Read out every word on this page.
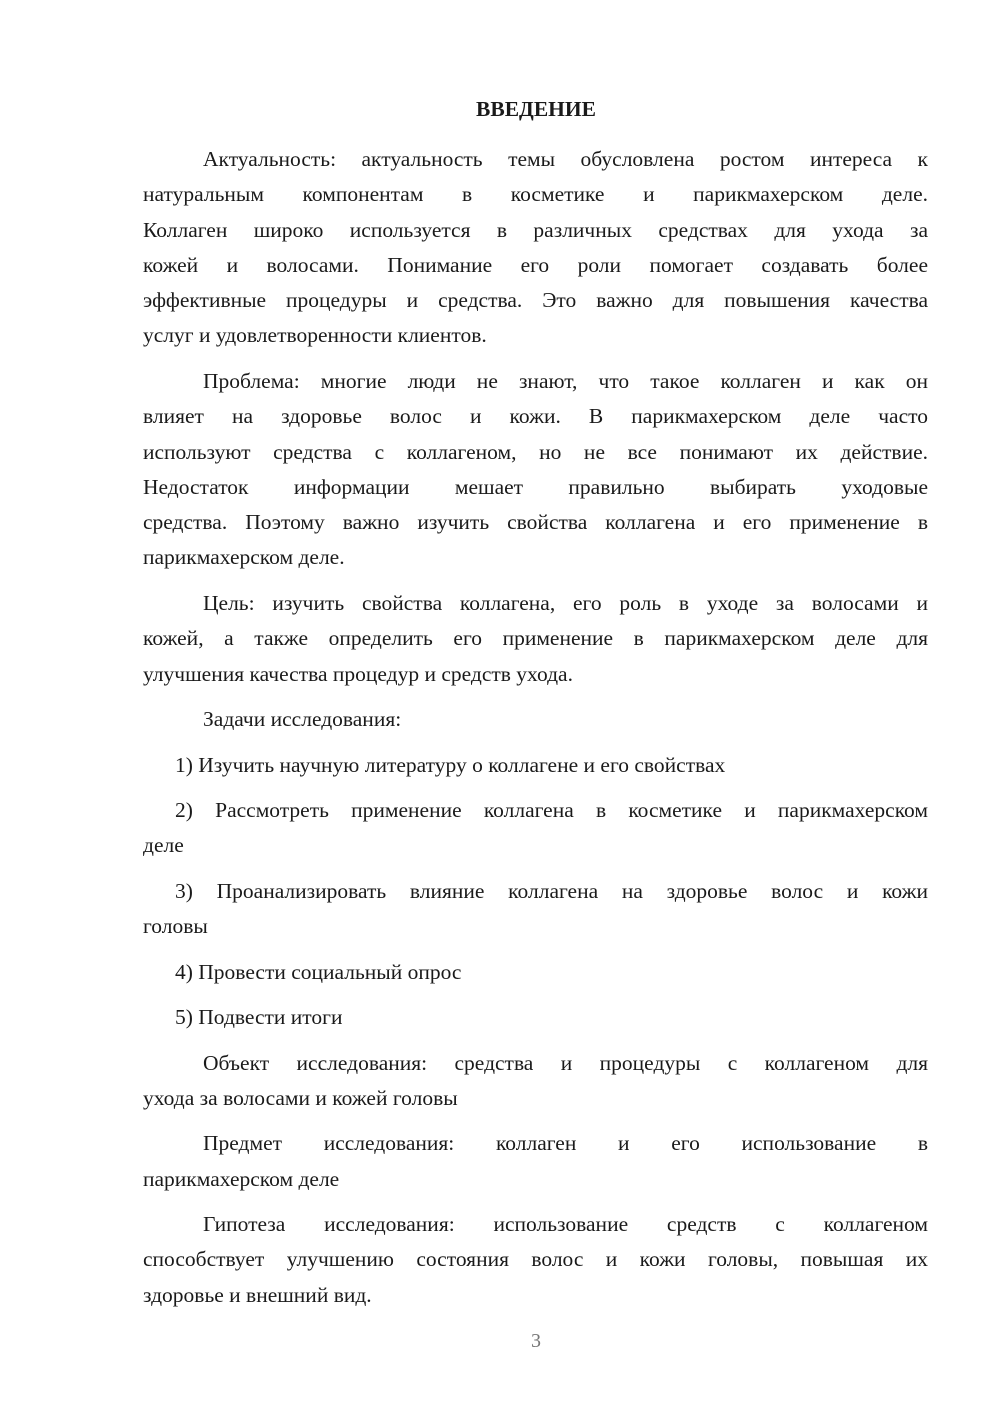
ВВЕДЕНИЕ
Актуальность: актуальность темы обусловлена ростом интереса к
натуральным компонентам в косметике и парикмахерском деле.
Коллаген широко используется в различных средствах для ухода за
кожей и волосами. Понимание его роли помогает создавать более
эффективные процедуры и средства. Это важно для повышения качества
услуг и удовлетворенности клиентов.
Проблема: многие люди не знают, что такое коллаген и как он
влияет на здоровье волос и кожи. В парикмахерском деле часто
используют средства с коллагеном, но не все понимают их действие.
Недостаток информации мешает правильно выбирать уходовые
средства. Поэтому важно изучить свойства коллагена и его применение в
парикмахерском деле.
Цель: изучить свойства коллагена, его роль в уходе за волосами и
кожей, а также определить его применение в парикмахерском деле для
улучшения качества процедур и средств ухода.
Задачи исследования:
1) Изучить научную литературу о коллагене и его свойствах
2) Рассмотреть применение коллагена в косметике и парикмахерском
деле
3) Проанализировать влияние коллагена на здоровье волос и кожи
головы
4) Провести социальный опрос
5) Подвести итоги
Объект исследования: средства и процедуры с коллагеном для
ухода за волосами и кожей головы
Предмет исследования: коллаген и его использование в
парикмахерском деле
Гипотеза исследования: использование средств с коллагеном
способствует улучшению состояния волос и кожи головы, повышая их
здоровье и внешний вид.
3
